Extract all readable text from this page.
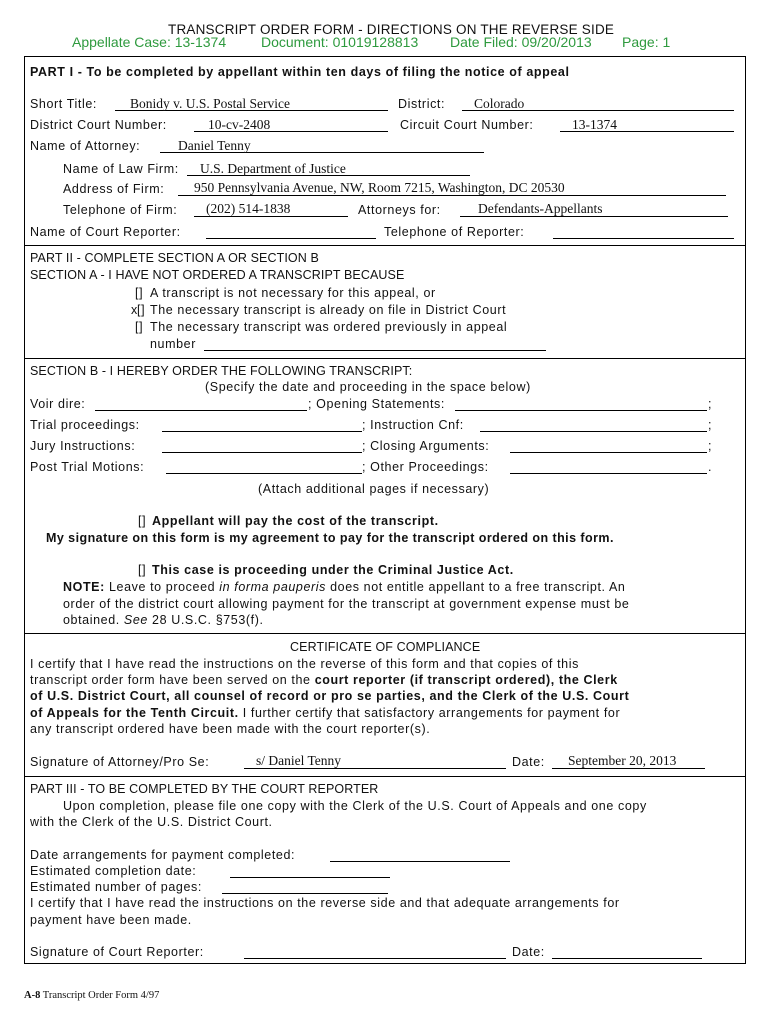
TRANSCRIPT ORDER FORM - DIRECTIONS ON THE REVERSE SIDE
Appellate Case: 13-1374 Document: 01019128813 Date Filed: 09/20/2013 Page: 1
PART I - To be completed by appellant within ten days of filing the notice of appeal
Short Title: Bonidy v. U.S. Postal Service	District: Colorado
District Court Number:	10-cv-2408	Circuit Court Number:	13-1374
Name of Attorney:	Daniel Tenny
Name of Law Firm: U.S. Department of Justice
Address of Firm: 950 Pennsylvania Avenue, NW, Room 7215, Washington, DC 20530
Telephone of Firm: (202) 514-1838	Attorneys for:	Defendants-Appellants
Name of Court Reporter:	Telephone of Reporter:
PART II - COMPLETE SECTION A OR SECTION B
SECTION A - I HAVE NOT ORDERED A TRANSCRIPT BECAUSE
[] A transcript is not necessary for this appeal, or
x [] The necessary transcript is already on file in District Court
[] The necessary transcript was ordered previously in appeal
number
SECTION B - I HEREBY ORDER THE FOLLOWING TRANSCRIPT:
(Specify the date and proceeding in the space below)
Voir dire:	; Opening Statements:	;
Trial proceedings:	; Instruction Cnf:	;
Jury Instructions:	; Closing Arguments:	;
Post Trial Motions:	; Other Proceedings:	.
(Attach additional pages if necessary)
[] Appellant will pay the cost of the transcript.
My signature on this form is my agreement to pay for the transcript ordered on this form.
[] This case is proceeding under the Criminal Justice Act.
NOTE: Leave to proceed in forma pauperis does not entitle appellant to a free transcript. An
order of the district court allowing payment for the transcript at government expense must be
obtained. See 28 U.S.C. §753(f).
CERTIFICATE OF COMPLIANCE
I certify that I have read the instructions on the reverse of this form and that copies of this
transcript order form have been served on the court reporter (if transcript ordered), the Clerk
of U.S. District Court, all counsel of record or pro se parties, and the Clerk of the U.S. Court
of Appeals for the Tenth Circuit. I further certify that satisfactory arrangements for payment for
any transcript ordered have been made with the court reporter(s).
Signature of Attorney/Pro Se:	s/ Daniel Tenny	Date: September 20, 2013
PART III - TO BE COMPLETED BY THE COURT REPORTER
Upon completion, please file one copy with the Clerk of the U.S. Court of Appeals and one copy
with the Clerk of the U.S. District Court.
Date arrangements for payment completed:
Estimated completion date:
Estimated number of pages:
I certify that I have read the instructions on the reverse side and that adequate arrangements for
payment have been made.
Signature of Court Reporter:	Date:
A-8 Transcript Order Form 4/97
